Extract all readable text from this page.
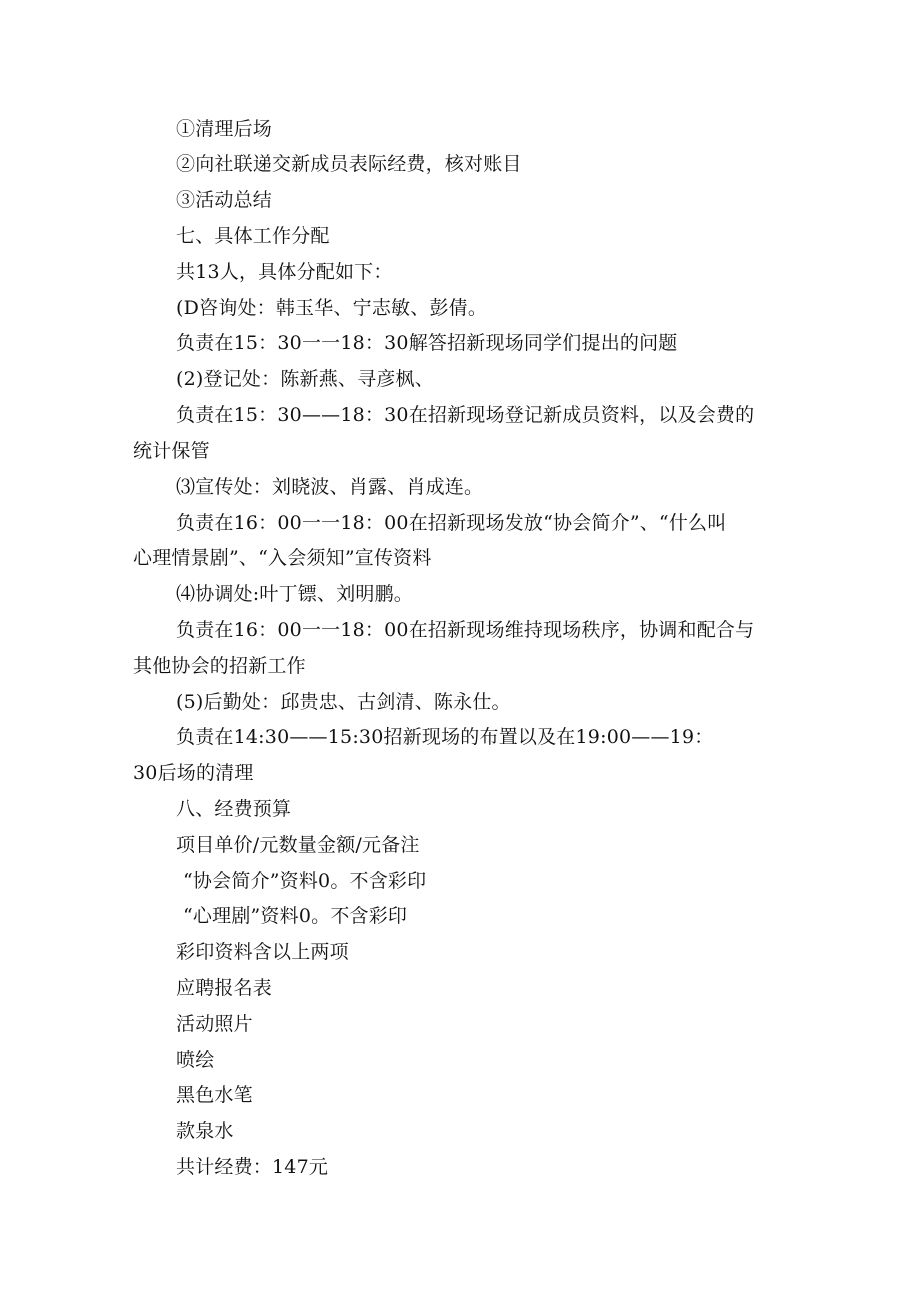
①清理后场
②向社联递交新成员表际经费，核对账目
③活动总结
七、具体工作分配
共13人，具体分配如下：
(D咨询处：韩玉华、宁志敏、彭倩。
负责在15：30一一18：30解答招新现场同学们提出的问题
(2)登记处：陈新燕、寻彦枫、
负责在15：30——18：30在招新现场登记新成员资料，以及会费的
统计保管
⑶宣传处：刘晓波、肖露、肖成连。
负责在16：00一一18：00在招新现场发放“协会简介”、“什么叫
心理情景剧”、“入会须知”宣传资料
⑷协调处:叶丁镖、刘明鹏。
负责在16：00一一18：00在招新现场维持现场秩序，协调和配合与
其他协会的招新工作
(5)后勤处：邱贵忠、古剑清、陈永仕。
负责在14:30——15:30招新现场的布置以及在19:00——19：
30后场的清理
八、经费预算
项目单价/元数量金额/元备注
“协会简介”资料0。不含彩印
“心理剧”资料0。不含彩印
彩印资料含以上两项
应聘报名表
活动照片
喷绘
黑色水笔
款泉水
共计经费：147元
